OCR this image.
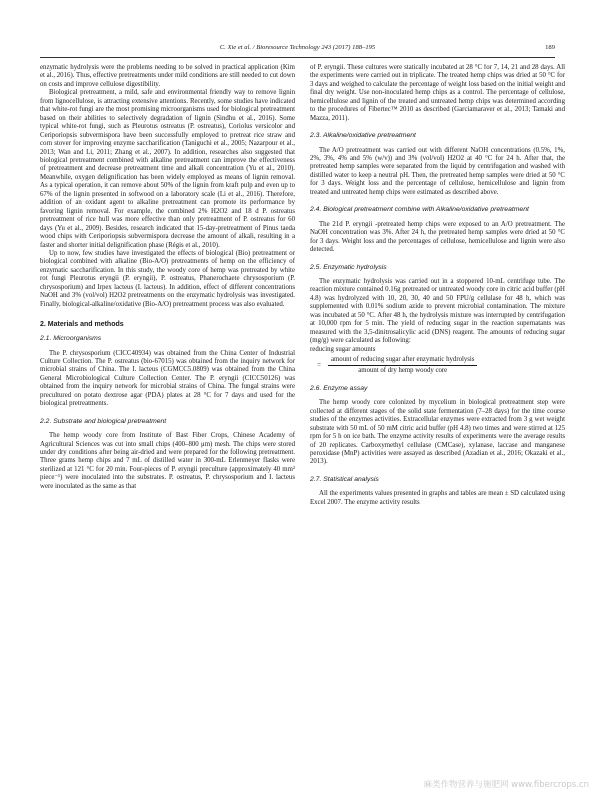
C. Xie et al. / Bioresource Technology 243 (2017) 188–195	189

enzymatic hydrolysis were the problems needing to be solved in practical application (Kim et al., 2016). Thus, effective pretreatments under mild conditions are still needed to cut down on costs and improve cellulose digestibility.

Biological pretreatment, a mild, safe and environmental friendly way to remove lignin from lignocellulose, is attracting extensive attentions. Recently, some studies have indicated that white-rot fungi are the most promising microorganisms used for biological pretreatment based on their abilities to selectively degradation of lignin (Sindhu et al., 2016). Some typical white-rot fungi, such as Pleurotus ostreatus (P. ostreatus), Coriolus versicolor and Ceriporiopsis subvermispora have been successfully employed to pretreat rice straw and corn stover for improving enzyme saccharification (Taniguchi et al., 2005; Nazarpour et al., 2013; Wan and Li, 2011; Zhang et al., 2007). In addition, researches also suggested that biological pretreatment combined with alkaline pretreatment can improve the effectiveness of pretreatment and decrease pretreatment time and alkali concentration (Yu et al., 2010). Meanwhile, oxygen delignification has been widely employed as means of lignin removal. As a typical operation, it can remove about 50% of the lignin from kraft pulp and even up to 67% of the lignin presented in softwood on a laboratory scale (Li et al., 2016). Therefore, addition of an oxidant agent to alkaline pretreatment can promote its performance by favoring lignin removal. For example, the combined 2% H2O2 and 18 d P. ostreatus pretreatment of rice hull was more effective than only pretreatment of P. ostreatus for 60 days (Yu et al., 2009). Besides, research indicated that 15-day-pretreatment of Pinus taeda wood chips with Ceriporiopsis subvermispora decrease the amount of alkali, resulting in a faster and shorter initial delignification phase (Régis et al., 2010).

Up to now, few studies have investigated the effects of biological (Bio) pretreatment or biological combined with alkaline (Bio-A/O) pretreatments of hemp on the efficiency of enzymatic saccharification. In this study, the woody core of hemp was pretreated by white rot fungi Pleurotus eryngii (P. eryngii), P. ostreatus, Phanerochaete chrysosporium (P. chrysosporium) and Irpex lacteus (I. lacteus). In addition, effect of different concentrations NaOH and 3% (vol/vol) H2O2 pretreatments on the enzymatic hydrolysis was investigated. Finally, biological-alkaline/oxidative (Bio-A/O) pretreatment process was also evaluated.

2. Materials and methods
2.1. Microorganisms

The P. chrysosporium (CICC40934) was obtained from the China Center of Industrial Culture Collection. The P. ostreatus (bio-67015) was obtained from the inquiry network for microbial strains of China. The I. lacteus (CGMCC5.0809) was obtained from the China General Microbiological Culture Collection Center. The P. eryngii (CICC50126) was obtained from the inquiry network for microbial strains of China. The fungal strains were precultured on potato dextrose agar (PDA) plates at 28 °C for 7 days and used for the biological pretreatments.

2.2. Substrate and biological pretreatment

The hemp woody core from Institute of Bast Fiber Crops, Chinese Academy of Agricultural Sciences was cut into small chips (400–800 μm) mesh. The chips were stored under dry conditions after being air-dried and were prepared for the following pretreatment. Three grams hemp chips and 7 mL of distilled water in 300-mL Erlenmeyer flasks were sterilized at 121 °C for 20 min. Four-pieces of P. eryngii preculture (approximately 40 mm² piece⁻¹) were inoculated into the substrates. P. ostreatus, P. chrysosporium and I. lacteus were inoculated as the same as that

of P. eryngii. These cultures were statically incubated at 28 °C for 7, 14, 21 and 28 days. All the experiments were carried out in triplicate. The treated hemp chips was dried at 50 °C for 3 days and weighed to calculate the percentage of weight loss based on the initial weight and final dry weight. Use non-inoculated hemp chips as a control. The percentage of cellulose, hemicellulose and lignin of the treated and untreated hemp chips was determined according to the procedures of Fibertec™ 2010 as described (Garciamaraver et al., 2013; Tamaki and Mazza, 2011).

2.3. Alkaline/oxidative pretreatment

The A/O pretreatment was carried out with different NaOH concentrations (0.5%, 1%, 2%, 3%, 4% and 5% (w/v)) and 3% (vol/vol) H2O2 at 40 °C for 24 h. After that, the pretreated hemp samples were separated from the liquid by centrifugation and washed with distilled water to keep a neutral pH. Then, the pretreated hemp samples were dried at 50 °C for 3 days. Weight loss and the percentage of cellulose, hemicellulose and lignin from treated and untreated hemp chips were estimated as described above.

2.4. Biological pretreatment combine with Alkaline/oxidative pretreatment

The 21d P. eryngii -pretreated hemp chips were exposed to an A/O pretreatment. The NaOH concentration was 3%. After 24 h, the pretreated hemp samples were dried at 50 °C for 3 days. Weight loss and the percentages of cellulose, hemicellulose and lignin were also detected.

2.5. Enzymatic hydrolysis

The enzymatic hydrolysis was carried out in a stoppered 10-mL centrifuge tube. The reaction mixture contained 0.16g pretreated or untreated woody core in citric acid buffer (pH 4.8) was hydrolyzed with 10, 20, 30, 40 and 50 FPU/g cellulase for 48 h, which was supplemented with 0.01% sodium azide to prevent microbial contamination. The mixture was incubated at 50 °C. After 48 h, the hydrolysis mixture was interrupted by centrifugation at 10,000 rpm for 5 min. The yield of reducing sugar in the reaction supernatants was measured with the 3,5-dinitrosalicylic acid (DNS) reagent. The amounts of reducing sugar (mg/g) were calculated as following:

reducing sugar amounts

=	$\frac{\text{amount of reducing sugar after enzymatic hydrolysis}}{\text{amount of dry hemp woody core}}$
2.6. Enzyme assay

The hemp woody core colonized by mycelium in biological pretreatment step were collected at different stages of the solid state fermentation (7–28 days) for the time course studies of the enzymes activities. Extracellular enzymes were extracted from 3 g wet weight substrate with 50 mL of 50 mM citric acid buffer (pH 4.8) two times and were stirred at 125 rpm for 5 h on ice bath. The enzyme activity results of experiments were the average results of 20 replicates. Carboxymethyl cellulase (CMCase), xylanase, laccase and manganese peroxidase (MnP) activities were assayed as described (Azadian et al., 2016; Okazaki et al., 2013).

2.7. Statistical analysis

All the experiments values presented in graphs and tables are mean ± SD calculated using Excel 2007. The enzyme activity results

麻类作物营养与施肥网 www.fibercrops.cn
